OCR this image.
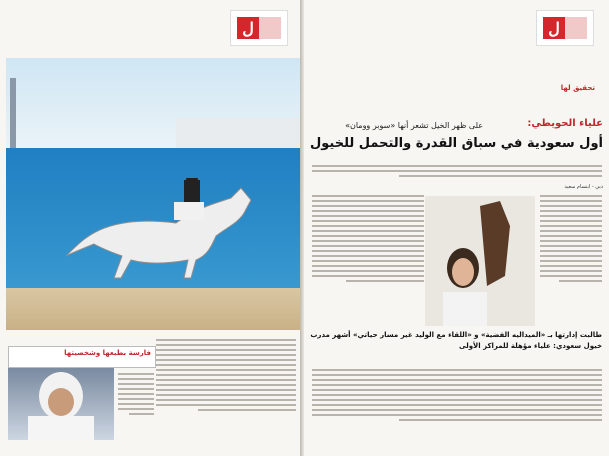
ل
فارسة بطبعها وشخصيتها
ل
تحقيق لها
علياء الحويطي:
على ظهر الخيل تشعر أنها «سوبر وومان»
أول سعودية في سباق القدرة والتحمل للخيول
دبي - ابتسام سعيد
طالبت إدارتها بـ «الميداليه الفضية» و «اللقاء مع الوليد غير مسار حياتي» أشهر مدرب خيول سعودي: علياء مؤهلة للمراكز الأولى
